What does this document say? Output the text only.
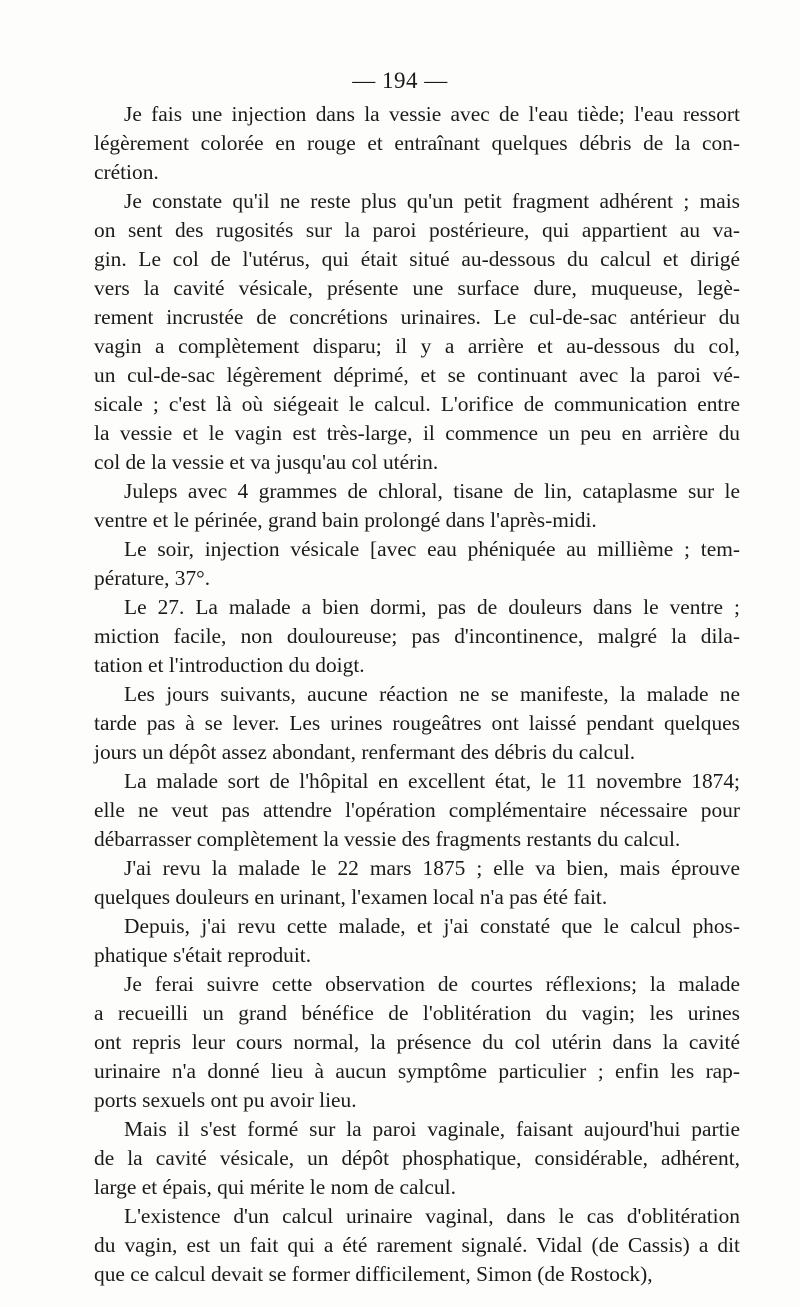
— 194 —

Je fais une injection dans la vessie avec de l'eau tiède; l'eau ressort
légèrement colorée en rouge et entraînant quelques débris de la con-
crétion.

Je constate qu'il ne reste plus qu'un petit fragment adhérent ; mais
on sent des rugosités sur la paroi postérieure, qui appartient au va-
gin. Le col de l'utérus, qui était situé au-dessous du calcul et dirigé
vers la cavité vésicale, présente une surface dure, muqueuse, legè-
rement incrustée de concrétions urinaires. Le cul-de-sac antérieur du
vagin a complètement disparu; il y a arrière et au-dessous du col,
un cul-de-sac légèrement déprimé, et se continuant avec la paroi vé-
sicale ; c'est là où siégeait le calcul. L'orifice de communication entre
la vessie et le vagin est très-large, il commence un peu en arrière du
col de la vessie et va jusqu'au col utérin.

Juleps avec 4 grammes de chloral, tisane de lin, cataplasme sur le
ventre et le périnée, grand bain prolongé dans l'après-midi.

Le soir, injection vésicale [avec eau phéniquée au millième ; tem-
pérature, 37°.

Le 27. La malade a bien dormi, pas de douleurs dans le ventre ;
miction facile, non douloureuse; pas d'incontinence, malgré la dila-
tation et l'introduction du doigt.

Les jours suivants, aucune réaction ne se manifeste, la malade ne
tarde pas à se lever. Les urines rougeâtres ont laissé pendant quelques
jours un dépôt assez abondant, renfermant des débris du calcul.

La malade sort de l'hôpital en excellent état, le 11 novembre 1874;
elle ne veut pas attendre l'opération complémentaire nécessaire pour
débarrasser complètement la vessie des fragments restants du calcul.

J'ai revu la malade le 22 mars 1875 ; elle va bien, mais éprouve
quelques douleurs en urinant, l'examen local n'a pas été fait.

Depuis, j'ai revu cette malade, et j'ai constaté que le calcul phos-
phatique s'était reproduit.

Je ferai suivre cette observation de courtes réflexions; la malade
a recueilli un grand bénéfice de l'oblitération du vagin; les urines
ont repris leur cours normal, la présence du col utérin dans la cavité
urinaire n'a donné lieu à aucun symptôme particulier ; enfin les rap-
ports sexuels ont pu avoir lieu.

Mais il s'est formé sur la paroi vaginale, faisant aujourd'hui partie
de la cavité vésicale, un dépôt phosphatique, considérable, adhérent,
large et épais, qui mérite le nom de calcul.

L'existence d'un calcul urinaire vaginal, dans le cas d'oblitération
du vagin, est un fait qui a été rarement signalé. Vidal (de Cassis) a dit
que ce calcul devait se former difficilement, Simon (de Rostock),
